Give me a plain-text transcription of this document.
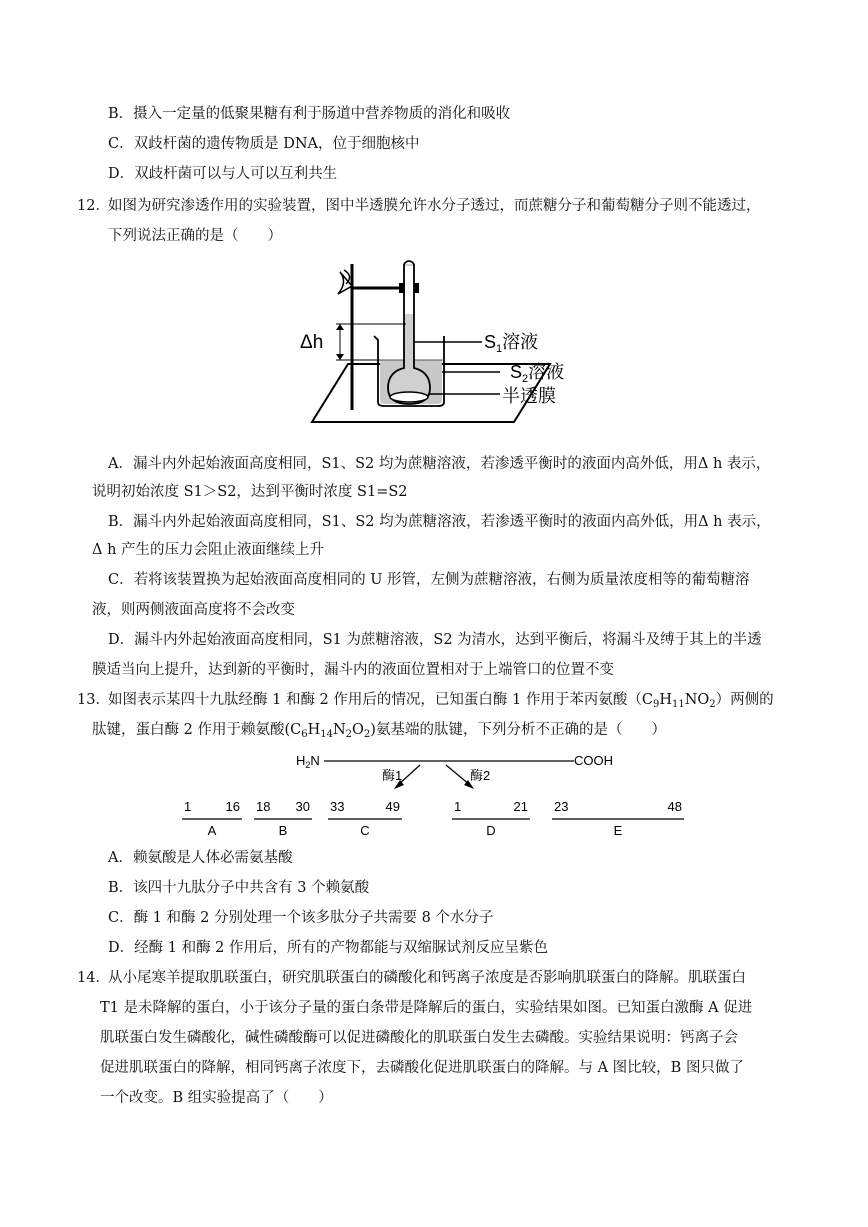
B．摄入一定量的低聚果糖有利于肠道中营养物质的消化和吸收
C．双歧杆菌的遗传物质是 DNA，位于细胞核中
D．双歧杆菌可以与人可以互利共生
12．
如图为研究渗透作用的实验装置，图中半透膜允许水分子透过，而蔗糖分子和葡萄糖分子则不能透过，
下列说法正确的是（　　）
Δh	$S_1$溶液
$S_2$溶液
半透膜
A．漏斗内外起始液面高度相同，S1、S2 均为蔗糖溶液，若渗透平衡时的液面内高外低，用Δ h 表示，
说明初始浓度 S1＞S2，达到平衡时浓度 S1=S2
B．漏斗内外起始液面高度相同，S1、S2 均为蔗糖溶液，若渗透平衡时的液面内高外低，用Δ h 表示，
Δ h 产生的压力会阻止液面继续上升
C．若将该装置换为起始液面高度相同的 U 形管，左侧为蔗糖溶液，右侧为质量浓度相等的葡萄糖溶
液，则两侧液面高度将不会改变
D．漏斗内外起始液面高度相同，S1 为蔗糖溶液，S2 为清水，达到平衡后，将漏斗及缚于其上的半透
膜适当向上提升，达到新的平衡时，漏斗内的液面位置相对于上端管口的位置不变
13．
如图表示某四十九肽经酶 1 和酶 2 作用后的情况，已知蛋白酶 1 作用于苯丙氨酸$(C_9H_{11}NO_2)$两侧的
肽键，蛋白酶 2 作用于赖氨酸$(C_6H_{14}N_2O_2)$氨基端的肽键，下列分析不正确的是（　　）
$H_2N$	COOH
酶1	酶2
1	16
A
18 30
B
33	49
C
1	21
D
23	48
E
A．赖氨酸是人体必需氨基酸
B．该四十九肽分子中共含有 3 个赖氨酸
C．酶 1 和酶 2 分别处理一个该多肽分子共需要 8 个水分子
D．经酶 1 和酶 2 作用后，所有的产物都能与双缩脲试剂反应呈紫色
14．
从小尾寒羊提取肌联蛋白，研究肌联蛋白的磷酸化和钙离子浓度是否影响肌联蛋白的降解。肌联蛋白
T1 是未降解的蛋白，小于该分子量的蛋白条带是降解后的蛋白，实验结果如图。已知蛋白激酶 A 促进
肌联蛋白发生磷酸化，碱性磷酸酶可以促进磷酸化的肌联蛋白发生去磷酸。实验结果说明：钙离子会
促进肌联蛋白的降解，相同钙离子浓度下，去磷酸化促进肌联蛋白的降解。与 A 图比较，B 图只做了
一个改变。B 组实验提高了（　　）
